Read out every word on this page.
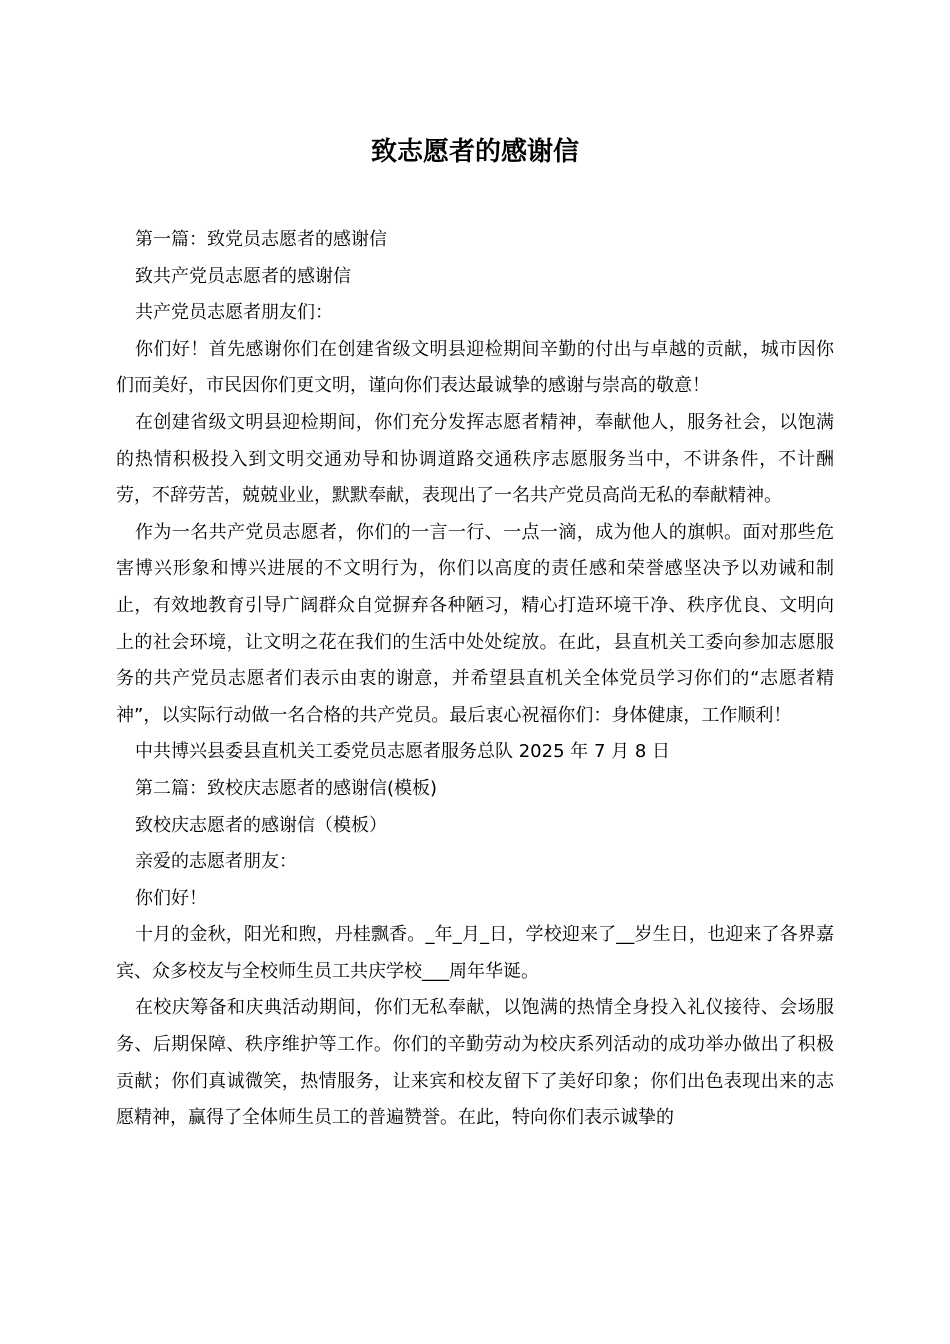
致志愿者的感谢信

第一篇：致党员志愿者的感谢信

致共产党员志愿者的感谢信

共产党员志愿者朋友们：

你们好！首先感谢你们在创建省级文明县迎检期间辛勤的付出与卓越的贡献，城市因你们而美好，市民因你们更文明，谨向你们表达最诚挚的感谢与崇高的敬意！

在创建省级文明县迎检期间，你们充分发挥志愿者精神，奉献他人，服务社会，以饱满的热情积极投入到文明交通劝导和协调道路交通秩序志愿服务当中，不讲条件，不计酬劳，不辞劳苦，兢兢业业，默默奉献，表现出了一名共产党员高尚无私的奉献精神。

作为一名共产党员志愿者，你们的一言一行、一点一滴，成为他人的旗帜。面对那些危害博兴形象和博兴进展的不文明行为，你们以高度的责任感和荣誉感坚决予以劝诫和制止，有效地教育引导广阔群众自觉摒弃各种陋习，精心打造环境干净、秩序优良、文明向上的社会环境，让文明之花在我们的生活中处处绽放。在此，县直机关工委向参加志愿服务的共产党员志愿者们表示由衷的谢意，并希望县直机关全体党员学习你们的“志愿者精神”，以实际行动做一名合格的共产党员。最后衷心祝福你们：身体健康，工作顺利！

中共博兴县委县直机关工委党员志愿者服务总队 2025 年 7 月 8 日

第二篇：致校庆志愿者的感谢信(模板)

致校庆志愿者的感谢信（模板）

亲爱的志愿者朋友：

你们好！

十月的金秋，阳光和煦，丹桂飘香。_年_月_日，学校迎来了__岁生日，也迎来了各界嘉宾、众多校友与全校师生员工共庆学校___周年华诞。

在校庆筹备和庆典活动期间，你们无私奉献，以饱满的热情全身投入礼仪接待、会场服务、后期保障、秩序维护等工作。你们的辛勤劳动为校庆系列活动的成功举办做出了积极贡献；你们真诚微笑，热情服务，让来宾和校友留下了美好印象；你们出色表现出来的志愿精神，赢得了全体师生员工的普遍赞誉。在此，特向你们表示诚挚的
